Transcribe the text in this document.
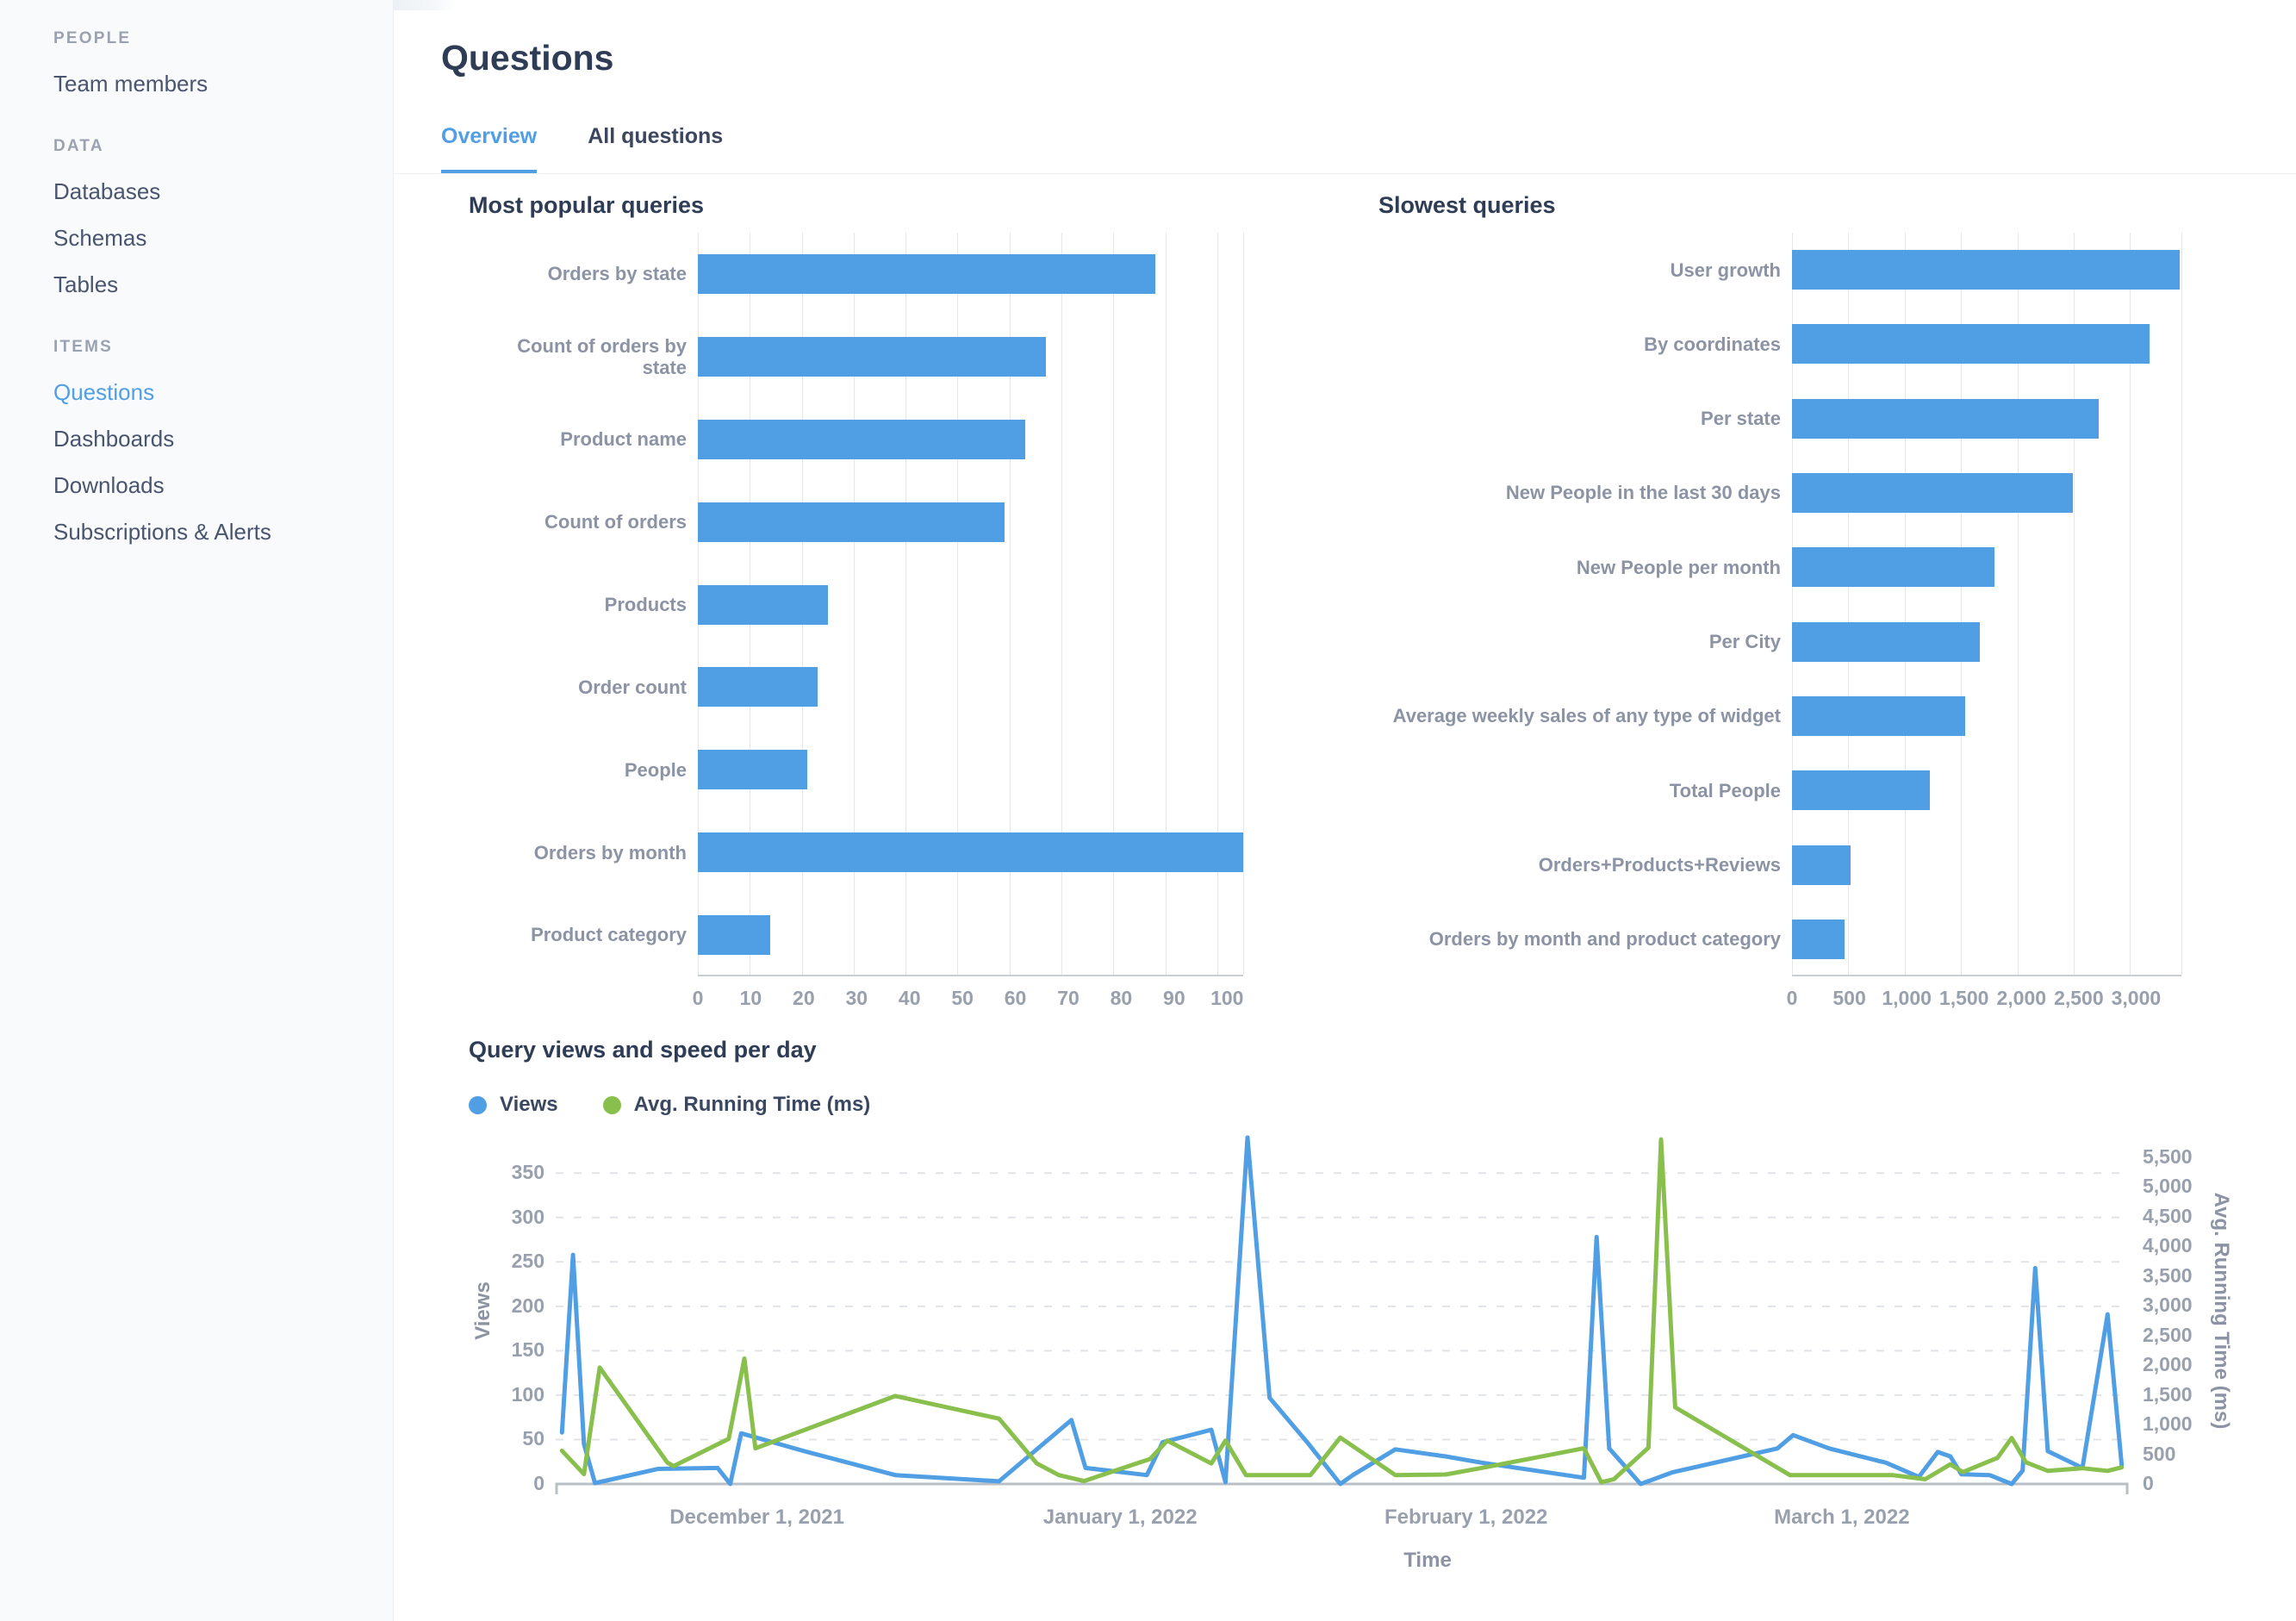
PEOPLE
Team members
DATA
Databases
Schemas
Tables
ITEMS
Questions
Dashboards
Downloads
Subscriptions & Alerts
Questions
Overview All questions
Most popular queries
Orders by state
Count of orders by state
Product name
Count of orders
Products
Order count
People
Orders by month
Product category
0 10 20 30 40 50 60 70 80 90 100
Slowest queries
User growth
By coordinates
Per state
New People in the last 30 days
New People per month
Per City
Average weekly sales of any type of widget
Total People
Orders+Products+Reviews
Orders by month and product category
0 500 1,000 1,500 2,000 2,500 3,000
Query views and speed per day
Views	Avg. Running Time (ms)
Views	Avg. Running Time (ms)
0
50
100
150
200
250
300
350
0
500
1,000
1,500
2,000
2,500
3,000
3,500
4,000
4,500
5,000
5,500
December 1, 2021	January 1, 2022	February 1, 2022	March 1, 2022
Time
